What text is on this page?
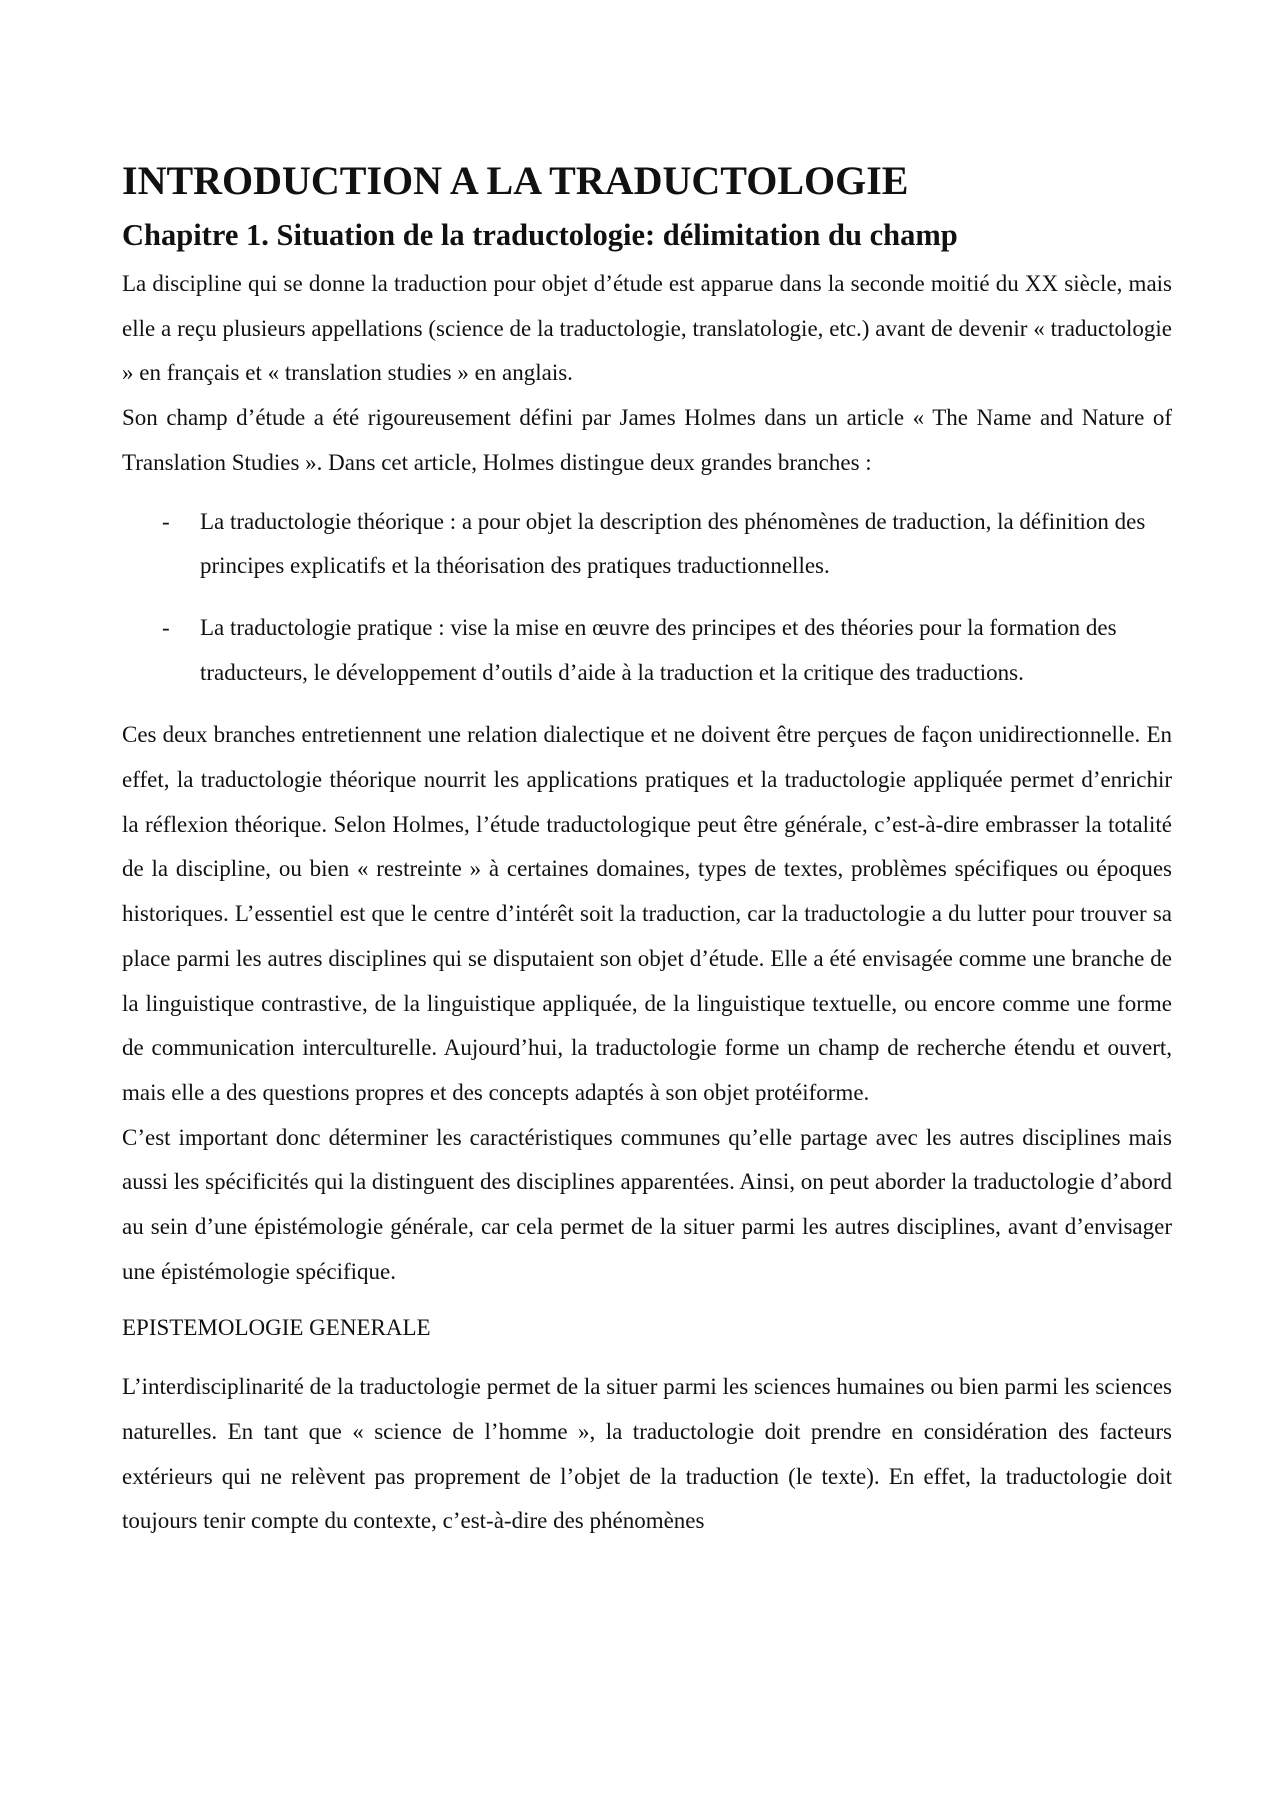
INTRODUCTION A LA TRADUCTOLOGIE
Chapitre 1. Situation de la traductologie: délimitation du champ

La discipline qui se donne la traduction pour objet d’étude est apparue dans la seconde moitié du XX siècle, mais elle a reçu plusieurs appellations (science de la traductologie, translatologie, etc.) avant de devenir « traductologie » en français et « translation studies » en anglais.

Son champ d’étude a été rigoureusement défini par James Holmes dans un article « The Name and Nature of Translation Studies ». Dans cet article, Holmes distingue deux grandes branches :

- La traductologie théorique : a pour objet la description des phénomènes de traduction, la définition des principes explicatifs et la théorisation des pratiques traductionnelles.
- La traductologie pratique : vise la mise en œuvre des principes et des théories pour la formation des traducteurs, le développement d’outils d’aide à la traduction et la critique des traductions.

Ces deux branches entretiennent une relation dialectique et ne doivent être perçues de façon unidirectionnelle. En effet, la traductologie théorique nourrit les applications pratiques et la traductologie appliquée permet d’enrichir la réflexion théorique. Selon Holmes, l’étude traductologique peut être générale, c’est-à-dire embrasser la totalité de la discipline, ou bien « restreinte » à certaines domaines, types de textes, problèmes spécifiques ou époques historiques. L’essentiel est que le centre d’intérêt soit la traduction, car la traductologie a du lutter pour trouver sa place parmi les autres disciplines qui se disputaient son objet d’étude. Elle a été envisagée comme une branche de la linguistique contrastive, de la linguistique appliquée, de la linguistique textuelle, ou encore comme une forme de communication interculturelle. Aujourd’hui, la traductologie forme un champ de recherche étendu et ouvert, mais elle a des questions propres et des concepts adaptés à son objet protéiforme.

C’est important donc déterminer les caractéristiques communes qu’elle partage avec les autres disciplines mais aussi les spécificités qui la distinguent des disciplines apparentées. Ainsi, on peut aborder la traductologie d’abord au sein d’une épistémologie générale, car cela permet de la situer parmi les autres disciplines, avant d’envisager une épistémologie spécifique.

EPISTEMOLOGIE GENERALE

L’interdisciplinarité de la traductologie permet de la situer parmi les sciences humaines ou bien parmi les sciences naturelles. En tant que « science de l’homme », la traductologie doit prendre en considération des facteurs extérieurs qui ne relèvent pas proprement de l’objet de la traduction (le texte). En effet, la traductologie doit toujours tenir compte du contexte, c’est-à-dire des phénomènes
